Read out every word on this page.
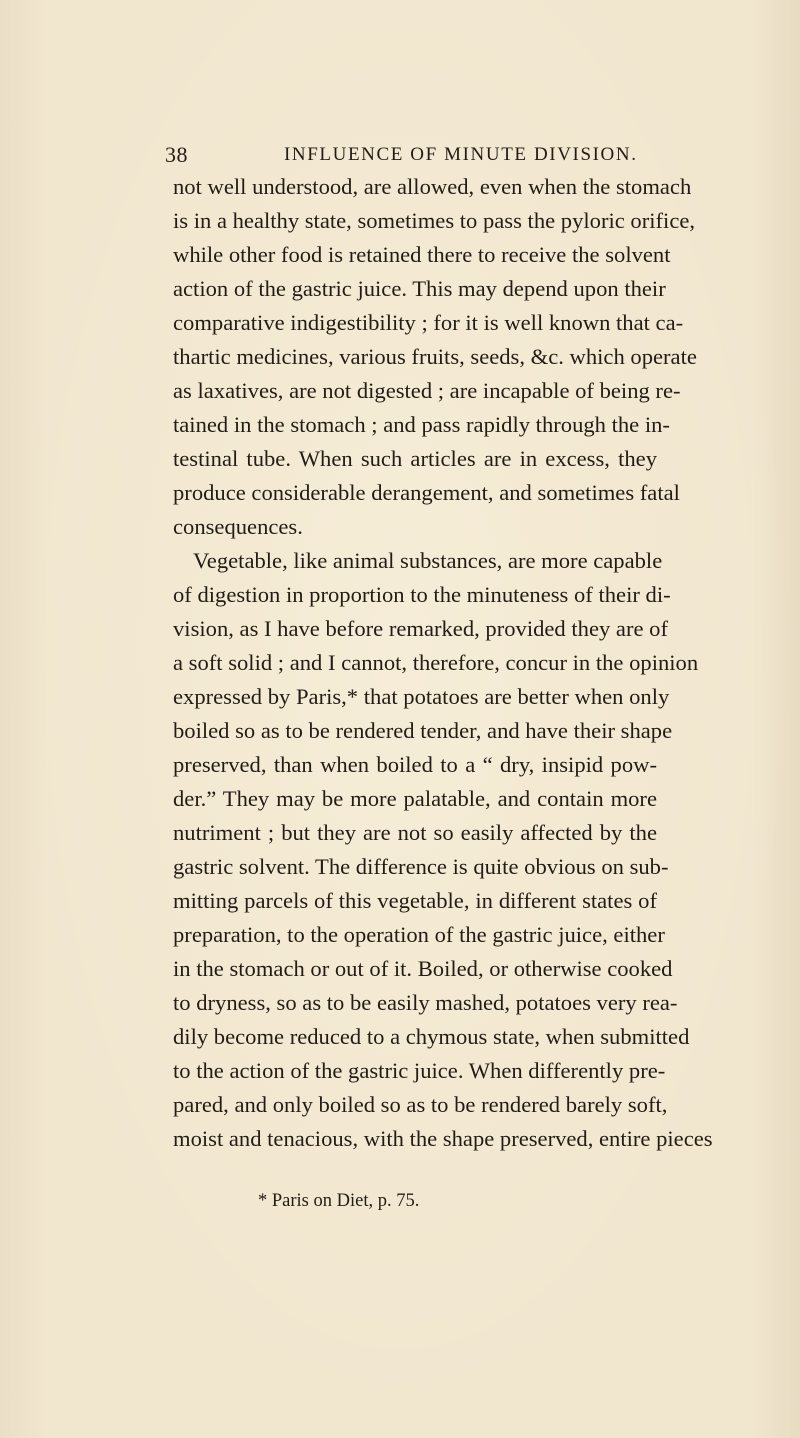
38	INFLUENCE OF MINUTE DIVISION.
not well understood, are allowed, even when the stomach
is in a healthy state, sometimes to pass the pyloric orifice,
while other food is retained there to receive the solvent
action of the gastric juice. This may depend upon their
comparative indigestibility ; for it is well known that ca-
thartic medicines, various fruits, seeds, &c. which operate
as laxatives, are not digested ; are incapable of being re-
tained in the stomach ; and pass rapidly through the in-
testinal tube. When such articles are in excess, they
produce considerable derangement, and sometimes fatal
consequences.
Vegetable, like animal substances, are more capable
of digestion in proportion to the minuteness of their di-
vision, as I have before remarked, provided they are of
a soft solid ; and I cannot, therefore, concur in the opinion
expressed by Paris,* that potatoes are better when only
boiled so as to be rendered tender, and have their shape
preserved, than when boiled to a “ dry, insipid pow-
der.” They may be more palatable, and contain more
nutriment ; but they are not so easily affected by the
gastric solvent. The difference is quite obvious on sub-
mitting parcels of this vegetable, in different states of
preparation, to the operation of the gastric juice, either
in the stomach or out of it. Boiled, or otherwise cooked
to dryness, so as to be easily mashed, potatoes very rea-
dily become reduced to a chymous state, when submitted
to the action of the gastric juice. When differently pre-
pared, and only boiled so as to be rendered barely soft,
moist and tenacious, with the shape preserved, entire pieces
* Paris on Diet, p. 75.
